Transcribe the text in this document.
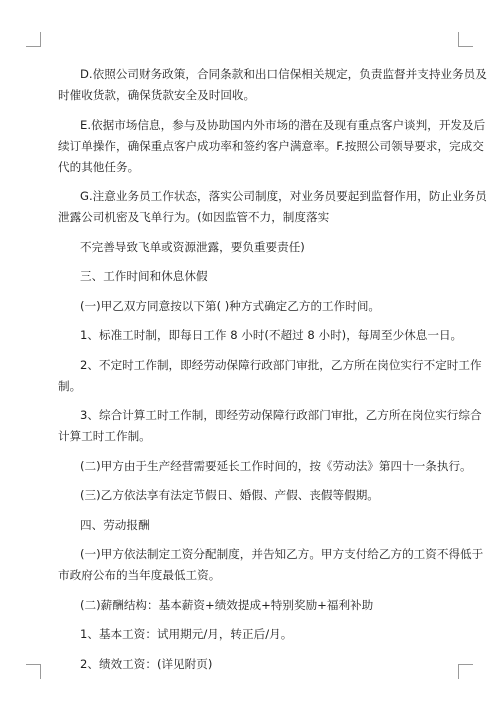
D.依照公司财务政策，合同条款和出口信保相关规定，负责监督并支持业务员及

时催收货款，确保货款安全及时回收。

E.依据市场信息，参与及协助国内外市场的潜在及现有重点客户谈判，开发及后

续订单操作，确保重点客户成功率和签约客户满意率。F.按照公司领导要求，完成交

代的其他任务。

G.注意业务员工作状态，落实公司制度，对业务员要起到监督作用，防止业务员

泄露公司机密及飞单行为。(如因监管不力，制度落实

不完善导致飞单或资源泄露，要负重要责任)

三、工作时间和休息休假

(一)甲乙双方同意按以下第( )种方式确定乙方的工作时间。

1、标准工时制，即每日工作 8 小时(不超过 8 小时)，每周至少休息一日。

2、不定时工作制，即经劳动保障行政部门审批，乙方所在岗位实行不定时工作

制。

3、综合计算工时工作制，即经劳动保障行政部门审批，乙方所在岗位实行综合

计算工时工作制。

(二)甲方由于生产经营需要延长工作时间的，按《劳动法》第四十一条执行。

(三)乙方依法享有法定节假日、婚假、产假、丧假等假期。

四、劳动报酬

(一)甲方依法制定工资分配制度，并告知乙方。甲方支付给乙方的工资不得低于

市政府公布的当年度最低工资。

(二)薪酬结构：基本薪资+绩效提成+特别奖励+福利补助

1、基本工资：试用期元/月，转正后/月。

2、绩效工资：(详见附页)
